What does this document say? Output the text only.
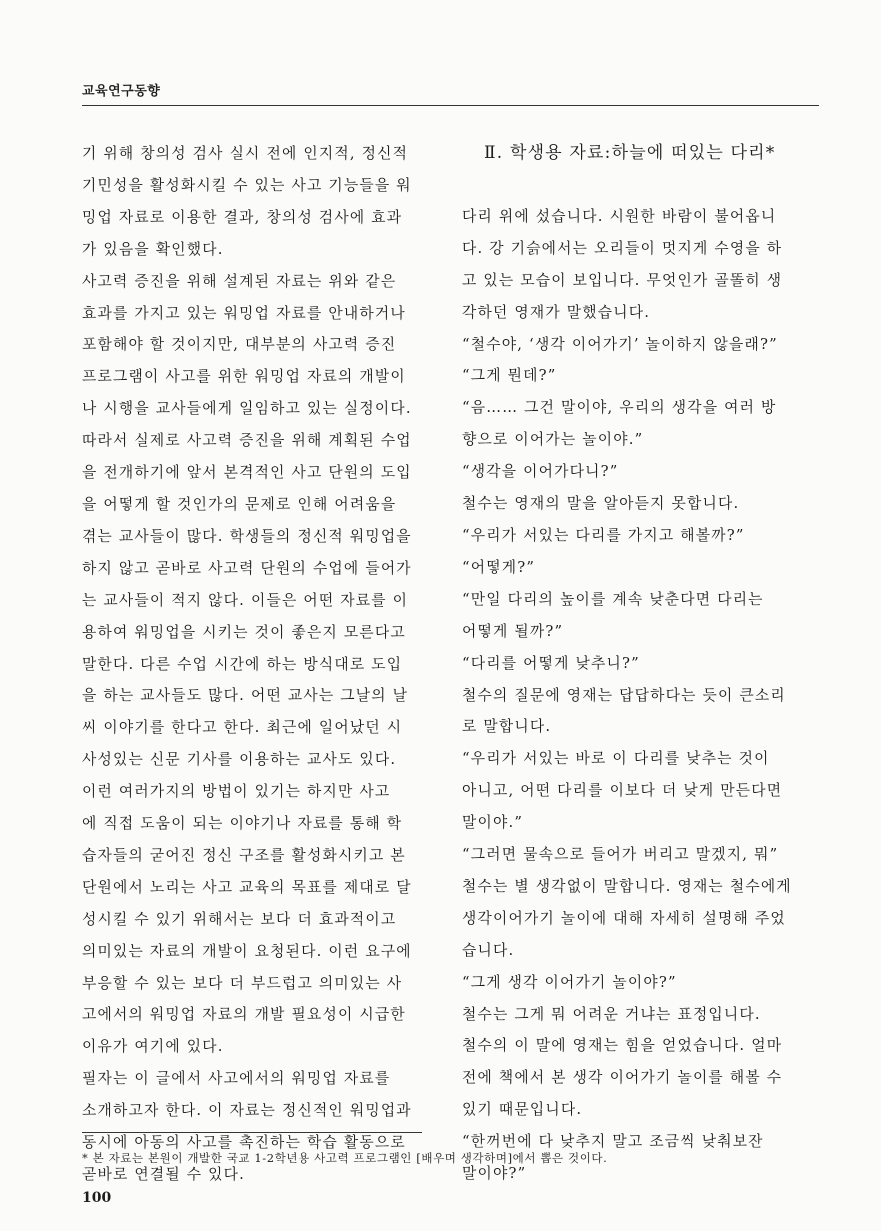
교육연구동향
기 위해 창의성 검사 실시 전에 인지적, 정신적
기민성을 활성화시킬 수 있는 사고 기능들을 워
밍업 자료로 이용한 결과, 창의성 검사에 효과
가 있음을 확인했다.
사고력 증진을 위해 설계된 자료는 위와 같은
효과를 가지고 있는 워밍업 자료를 안내하거나
포함해야 할 것이지만, 대부분의 사고력 증진
프로그램이 사고를 위한 워밍업 자료의 개발이
나 시행을 교사들에게 일임하고 있는 실정이다.
따라서 실제로 사고력 증진을 위해 계획된 수업
을 전개하기에 앞서 본격적인 사고 단원의 도입
을 어떻게 할 것인가의 문제로 인해 어려움을
겪는 교사들이 많다. 학생들의 정신적 워밍업을
하지 않고 곧바로 사고력 단원의 수업에 들어가
는 교사들이 적지 않다. 이들은 어떤 자료를 이
용하여 워밍업을 시키는 것이 좋은지 모른다고
말한다. 다른 수업 시간에 하는 방식대로 도입
을 하는 교사들도 많다. 어떤 교사는 그날의 날
씨 이야기를 한다고 한다. 최근에 일어났던 시
사성있는 신문 기사를 이용하는 교사도 있다.
이런 여러가지의 방법이 있기는 하지만 사고
에 직접 도움이 되는 이야기나 자료를 통해 학
습자들의 굳어진 정신 구조를 활성화시키고 본
단원에서 노리는 사고 교육의 목표를 제대로 달
성시킬 수 있기 위해서는 보다 더 효과적이고
의미있는 자료의 개발이 요청된다. 이런 요구에
부응할 수 있는 보다 더 부드럽고 의미있는 사
고에서의 워밍업 자료의 개발 필요성이 시급한
이유가 여기에 있다.
필자는 이 글에서 사고에서의 워밍업 자료를
소개하고자 한다. 이 자료는 정신적인 워밍업과
동시에 아동의 사고를 촉진하는 학습 활동으로
곧바로 연결될 수 있다.
Ⅱ. 학생용 자료:하늘에 떠있는 다리*
다리 위에 섰습니다. 시원한 바람이 불어옵니
다. 강 기슭에서는 오리들이 멋지게 수영을 하
고 있는 모습이 보입니다. 무엇인가 골똘히 생
각하던 영재가 말했습니다.
“철수야, ‘생각 이어가기’ 놀이하지 않을래?”
“그게 뭔데?”
“음…… 그건 말이야, 우리의 생각을 여러 방
향으로 이어가는 놀이야.”
“생각을 이어가다니?”
철수는 영재의 말을 알아듣지 못합니다.
“우리가 서있는 다리를 가지고 해볼까?”
“어떻게?”
“만일 다리의 높이를 계속 낮춘다면 다리는
어떻게 될까?”
“다리를 어떻게 낮추니?”
철수의 질문에 영재는 답답하다는 듯이 큰소리
로 말합니다.
“우리가 서있는 바로 이 다리를 낮추는 것이
아니고, 어떤 다리를 이보다 더 낮게 만든다면
말이야.”
“그러면 물속으로 들어가 버리고 말겠지, 뭐”
철수는 별 생각없이 말합니다. 영재는 철수에게
생각이어가기 놀이에 대해 자세히 설명해 주었
습니다.
“그게 생각 이어가기 놀이야?”
철수는 그게 뭐 어려운 거냐는 표정입니다.
철수의 이 말에 영재는 힘을 얻었습니다. 얼마
전에 책에서 본 생각 이어가기 놀이를 해볼 수
있기 때문입니다.
“한꺼번에 다 낮추지 말고 조금씩 낮춰보잔
말이야?”
* 본 자료는 본원이 개발한 국교 1-2학년용 사고력 프로그램인 [배우며 생각하며]에서 뽑은 것이다.
100
